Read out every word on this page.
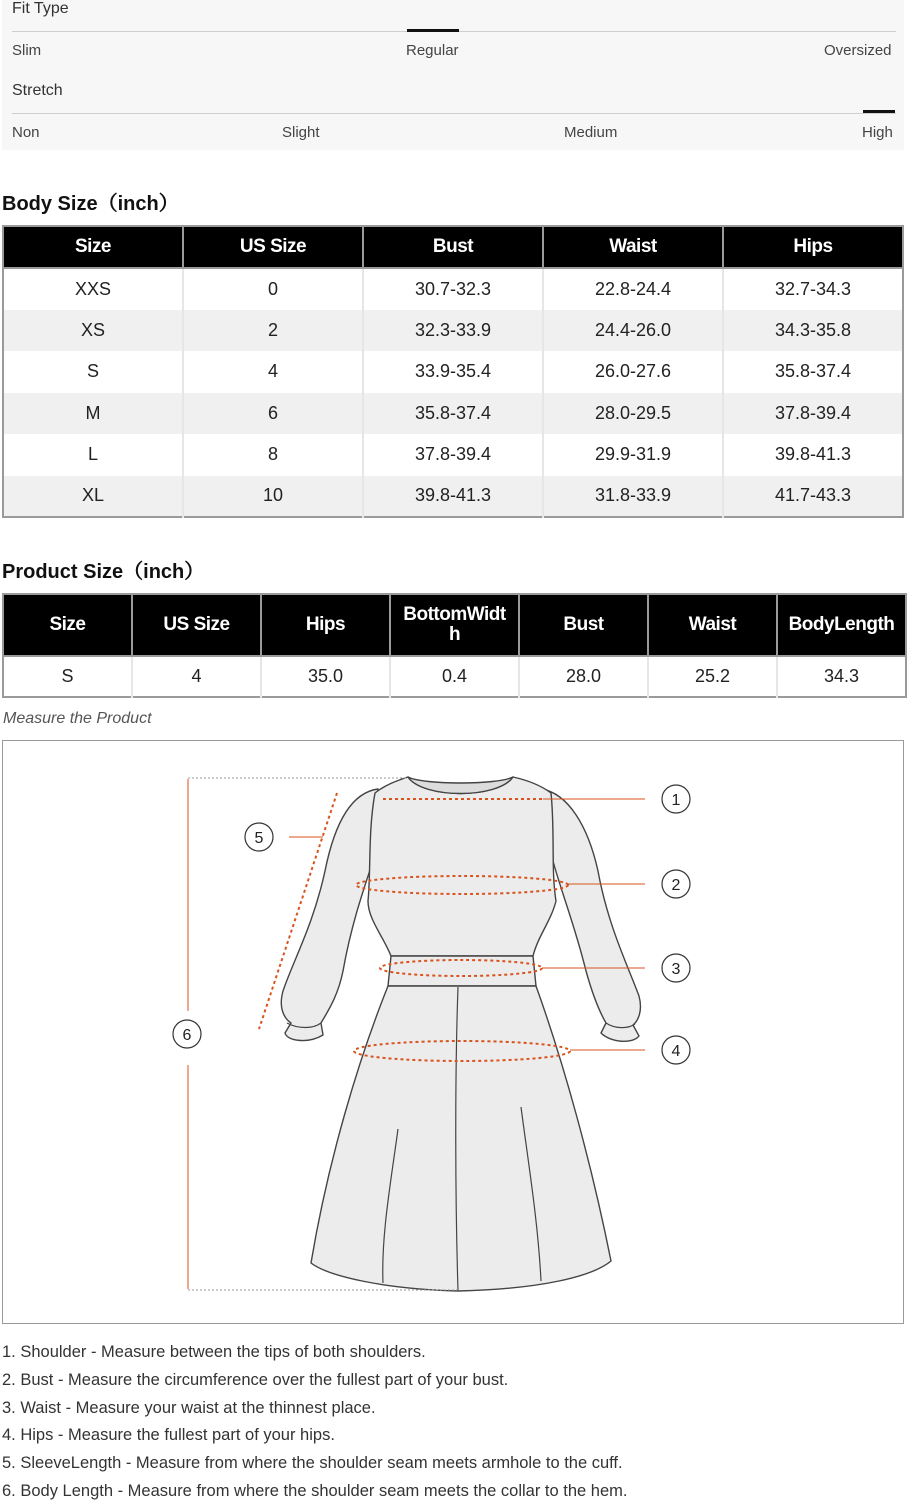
Fit Type
Slim	Regular	Oversized
Stretch
Non	Slight	Medium	High
Body Size（inch）
Size	US Size	Bust	Waist	Hips
XXS	0	30.7-32.3	22.8-24.4	32.7-34.3
XS	2	32.3-33.9	24.4-26.0	34.3-35.8
S	4	33.9-35.4	26.0-27.6	35.8-37.4
M	6	35.8-37.4	28.0-29.5	37.8-39.4
L	8	37.8-39.4	29.9-31.9	39.8-41.3
XL	10	39.8-41.3	31.8-33.9	41.7-43.3
Product Size（inch）
Size	US Size	Hips	BottomWidt h	Bust	Waist	BodyLength
S	4	35.0	0.4	28.0	25.2	34.3
Measure the Product
1
2
3
4
5
6
1. Shoulder - Measure between the tips of both shoulders.
2. Bust - Measure the circumference over the fullest part of your bust.
3. Waist - Measure your waist at the thinnest place.
4. Hips - Measure the fullest part of your hips.
5. SleeveLength - Measure from where the shoulder seam meets armhole to the cuff.
6. Body Length - Measure from where the shoulder seam meets the collar to the hem.
